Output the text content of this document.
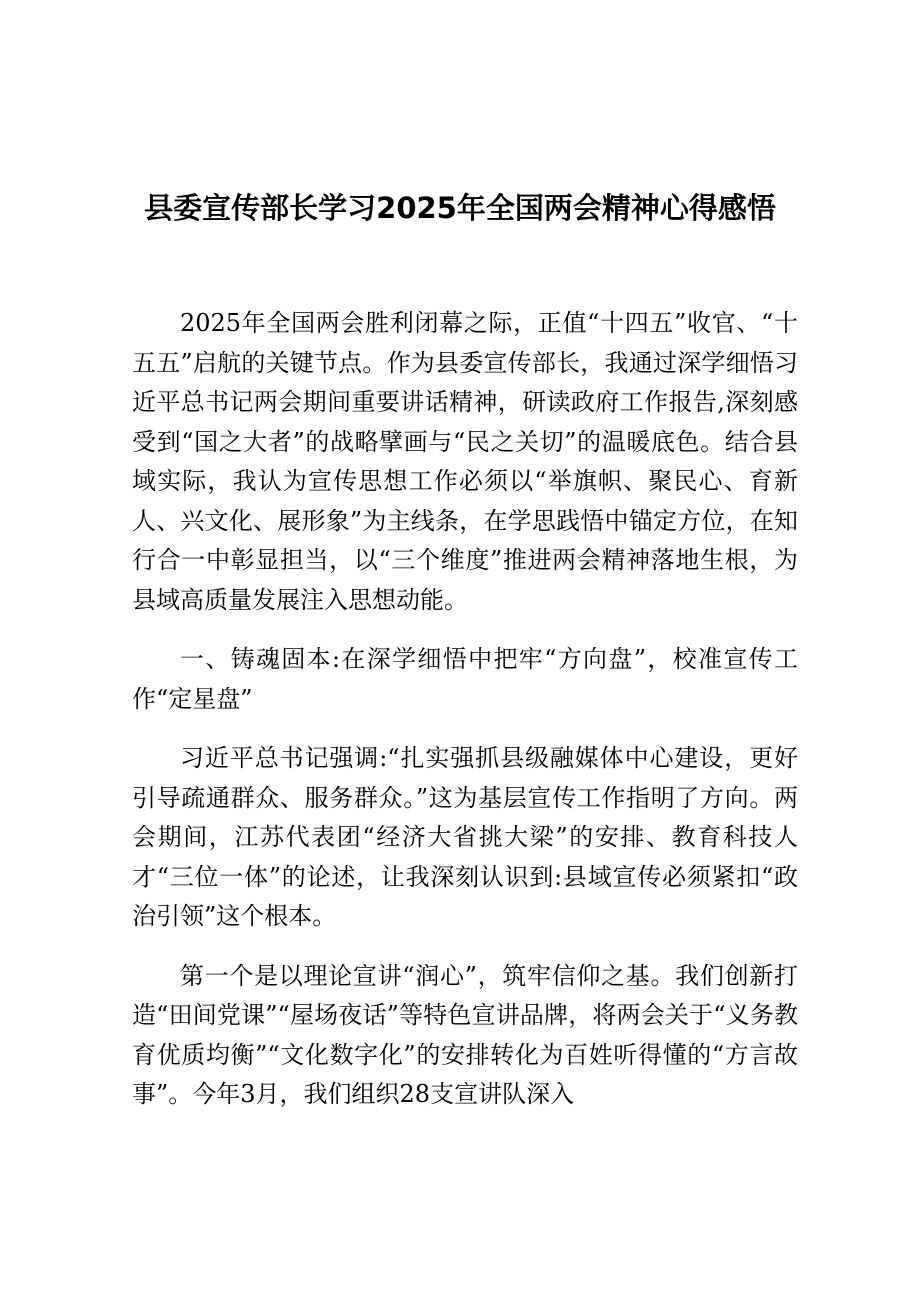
县委宣传部长学习2025年全国两会精神心得感悟

2025年全国两会胜利闭幕之际，正值“十四五”收官、“十五五”启航的关键节点。作为县委宣传部长，我通过深学细悟习近平总书记两会期间重要讲话精神，研读政府工作报告,深刻感受到“国之大者”的战略擘画与“民之关切”的温暖底色。结合县域实际，我认为宣传思想工作必须以“举旗帜、聚民心、育新人、兴文化、展形象”为主线条，在学思践悟中锚定方位，在知行合一中彰显担当，以“三个维度”推进两会精神落地生根，为县域高质量发展注入思想动能。

一、铸魂固本:在深学细悟中把牢“方向盘”，校准宣传工作“定星盘”

习近平总书记强调:“扎实强抓县级融媒体中心建设，更好引导疏通群众、服务群众。”这为基层宣传工作指明了方向。两会期间，江苏代表团“经济大省挑大梁”的安排、教育科技人才“三位一体”的论述，让我深刻认识到:县域宣传必须紧扣“政治引领”这个根本。

第一个是以理论宣讲“润心”，筑牢信仰之基。我们创新打造“田间党课”“屋场夜话”等特色宣讲品牌，将两会关于“义务教育优质均衡”“文化数字化”的安排转化为百姓听得懂的“方言故事”。今年3月，我们组织28支宣讲队深入
